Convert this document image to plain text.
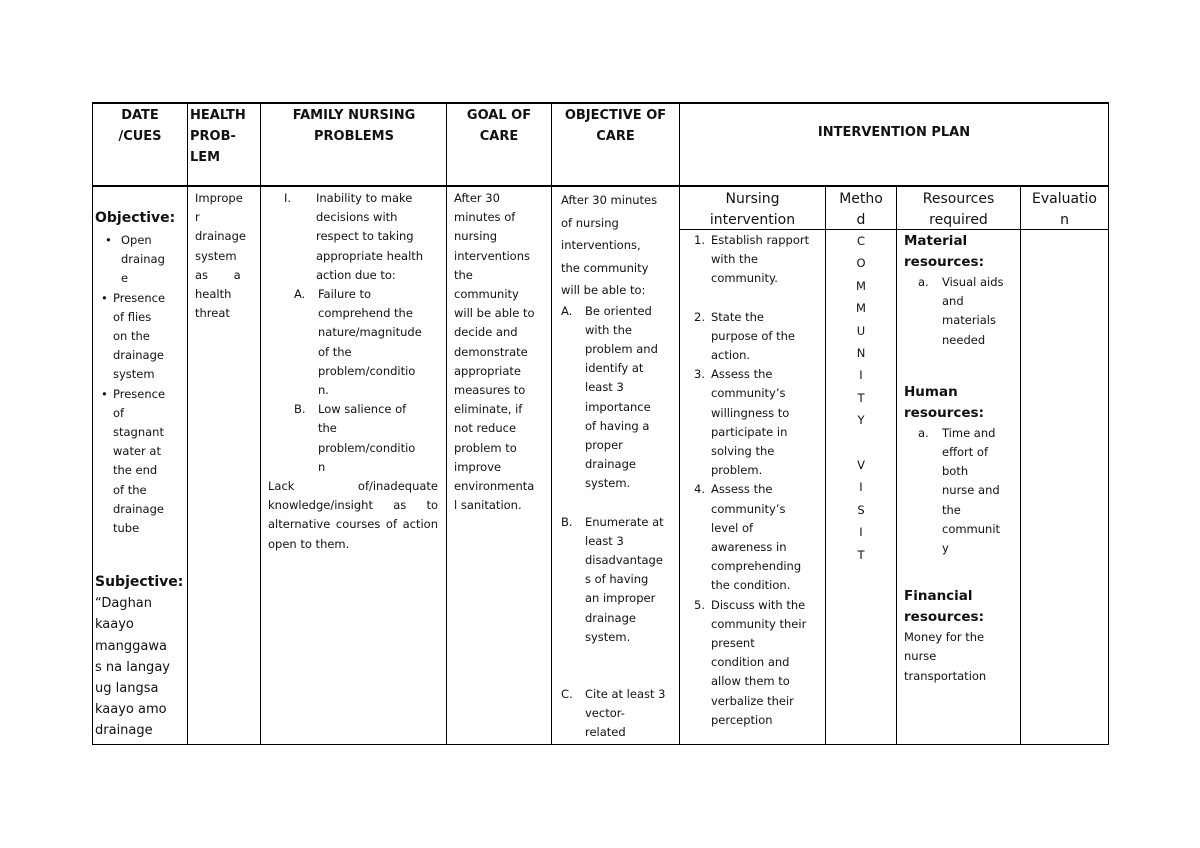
DATE
/CUES
HEALTH
PROB-
LEM
FAMILY NURSING
PROBLEMS
GOAL OF
CARE
OBJECTIVE OF
CARE	INTERVENTION PLAN
Nursing
intervention
Metho
d
Resources
required
Evaluatio
n
Objective:
• Open
drainag
e
• Presence
of flies
on the
drainage
system
• Presence
of
stagnant
water at
the end
of the
drainage
tube
Subjective:
“Daghan
kaayo
manggawa
s na langay
ug langsa
kaayo amo
drainage
Imprope
r
drainage
system
as       a
health
threat
I. Inability to make
decisions with
respect to taking
appropriate health
action due to:
A. Failure to
comprehend the
nature/magnitude
of the
problem/conditio
n.
B. Low salience of
the
problem/conditio
n
Lack of/inadequate knowledge/insight as to alternative courses of action open to them.
After 30
minutes of
nursing
interventions
the
community
will be able to
decide and
demonstrate
appropriate
measures to
eliminate, if
not reduce
problem to
improve
environmenta
l sanitation.
After 30 minutes
of nursing
interventions,
the community
will be able to:
A. Be oriented
with the
problem and
identify at
least 3
importance
of having a
proper
drainage
system.
B. Enumerate at
least 3
disadvantage
s of having
an improper
drainage
system.
C. Cite at least 3
vector-
related
1. Establish rapport
with the
community.
2. State the
purpose of the
action.
3. Assess the
community’s
willingness to
participate in
solving the
problem.
4. Assess the
community’s
level of
awareness in
comprehending
the condition.
5. Discuss with the
community their
present
condition and
allow them to
verbalize their
perception
C
O
M
M
U
N
I
T
Y
V
I
S
I
T
Material
resources:
a. Visual aids
and
materials
needed
Human
resources:
a. Time and
effort of
both
nurse and
the
communit
y
Financial
resources:
Money for the
nurse
transportation
